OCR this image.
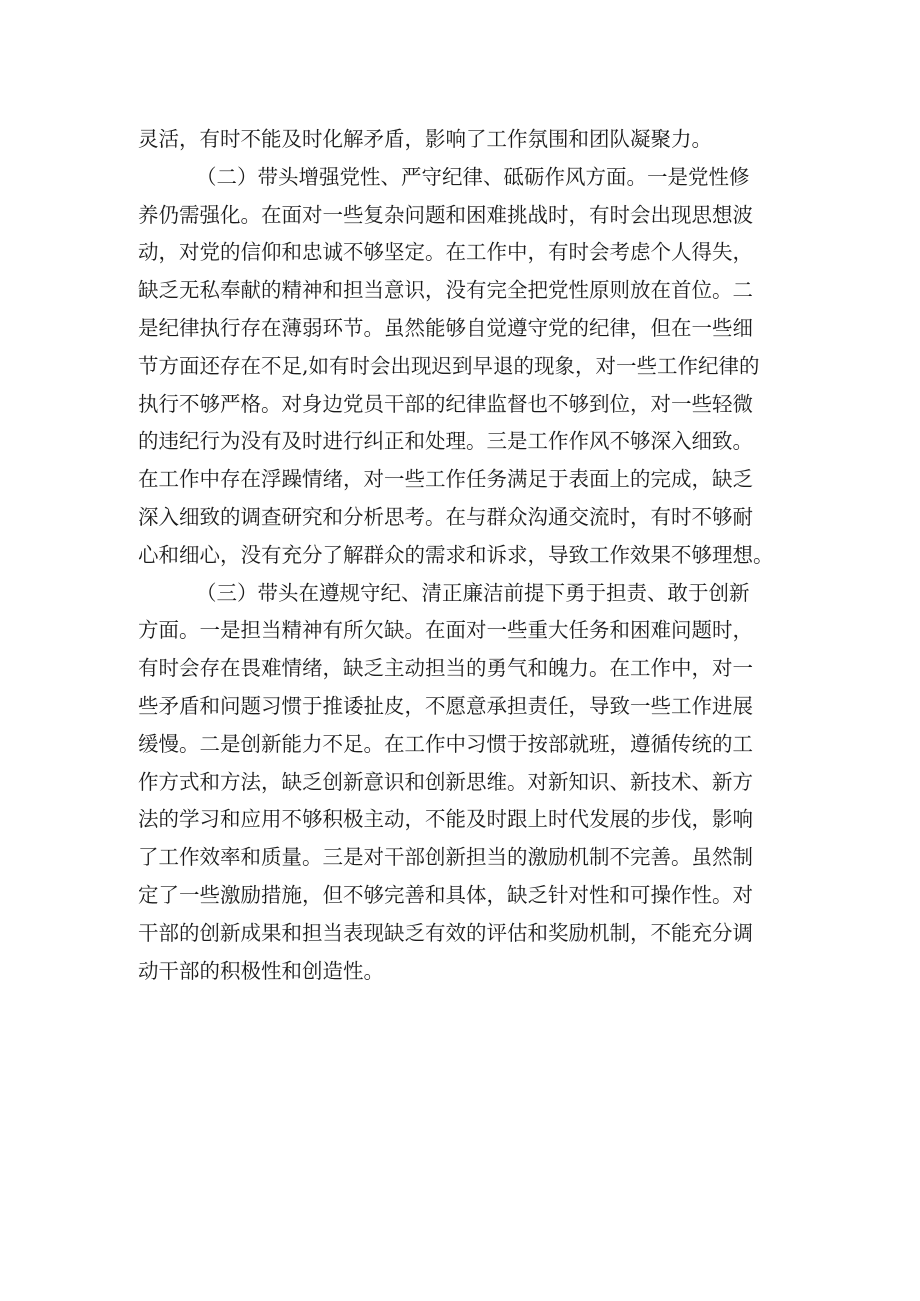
灵活，有时不能及时化解矛盾，影响了工作氛围和团队凝聚力。
（二）带头增强党性、严守纪律、砥砺作风方面。一是党性修
养仍需强化。在面对一些复杂问题和困难挑战时，有时会出现思想波
动，对党的信仰和忠诚不够坚定。在工作中，有时会考虑个人得失，
缺乏无私奉献的精神和担当意识，没有完全把党性原则放在首位。二
是纪律执行存在薄弱环节。虽然能够自觉遵守党的纪律，但在一些细
节方面还存在不足,如有时会出现迟到早退的现象，对一些工作纪律的
执行不够严格。对身边党员干部的纪律监督也不够到位，对一些轻微
的违纪行为没有及时进行纠正和处理。三是工作作风不够深入细致。
在工作中存在浮躁情绪，对一些工作任务满足于表面上的完成，缺乏
深入细致的调查研究和分析思考。在与群众沟通交流时，有时不够耐
心和细心，没有充分了解群众的需求和诉求，导致工作效果不够理想。
（三）带头在遵规守纪、清正廉洁前提下勇于担责、敢于创新
方面。一是担当精神有所欠缺。在面对一些重大任务和困难问题时，
有时会存在畏难情绪，缺乏主动担当的勇气和魄力。在工作中，对一
些矛盾和问题习惯于推诿扯皮，不愿意承担责任，导致一些工作进展
缓慢。二是创新能力不足。在工作中习惯于按部就班，遵循传统的工
作方式和方法，缺乏创新意识和创新思维。对新知识、新技术、新方
法的学习和应用不够积极主动，不能及时跟上时代发展的步伐，影响
了工作效率和质量。三是对干部创新担当的激励机制不完善。虽然制
定了一些激励措施，但不够完善和具体，缺乏针对性和可操作性。对
干部的创新成果和担当表现缺乏有效的评估和奖励机制，不能充分调
动干部的积极性和创造性。
